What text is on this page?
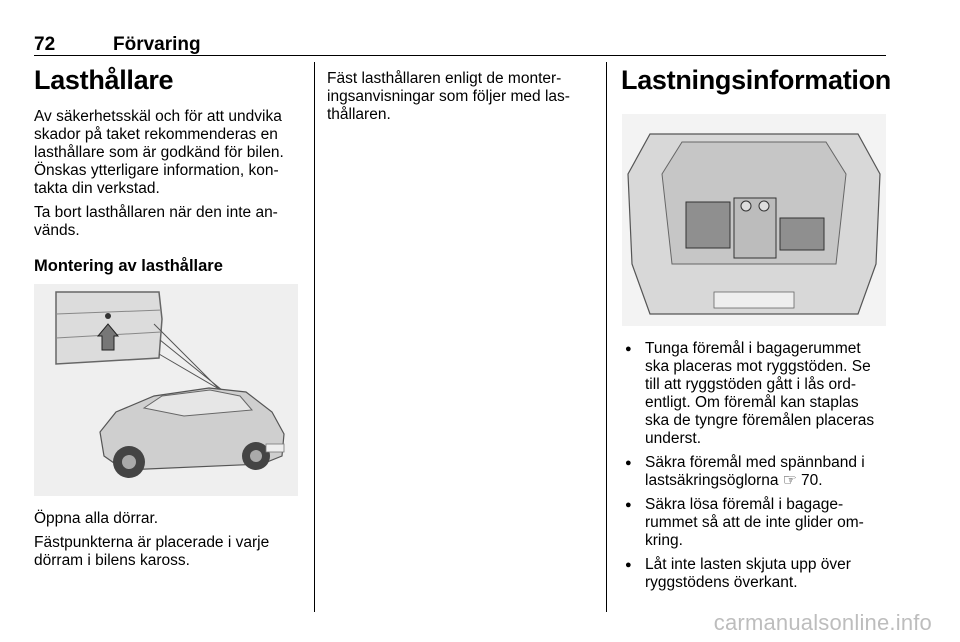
72	Förvaring
Lasthållare

Av säkerhetsskäl och för att undvika skador på taket rekommenderas en lasthållare som är godkänd för bilen. Önskas ytterligare information, kon-takta din verkstad.

Ta bort lasthållaren när den inte an-vänds.

Montering av lasthållare

Öppna alla dörrar.

Fästpunkterna är placerade i varje dörram i bilens kaross.

Fäst lasthållaren enligt de monter-ingsanvisningar som följer med las-thållaren.

Lastningsinformation
● Tunga föremål i bagagerummet ska placeras mot ryggstöden. Se till att ryggstöden gått i lås ord-entligt. Om föremål kan staplas ska de tyngre föremålen placeras underst.
● Säkra föremål med spännband i lastsäkringsöglorna ☞ 70.
● Säkra lösa föremål i bagage-rummet så att de inte glider om-kring.
● Låt inte lasten skjuta upp över ryggstödens överkant.
carmanualsonline.info
